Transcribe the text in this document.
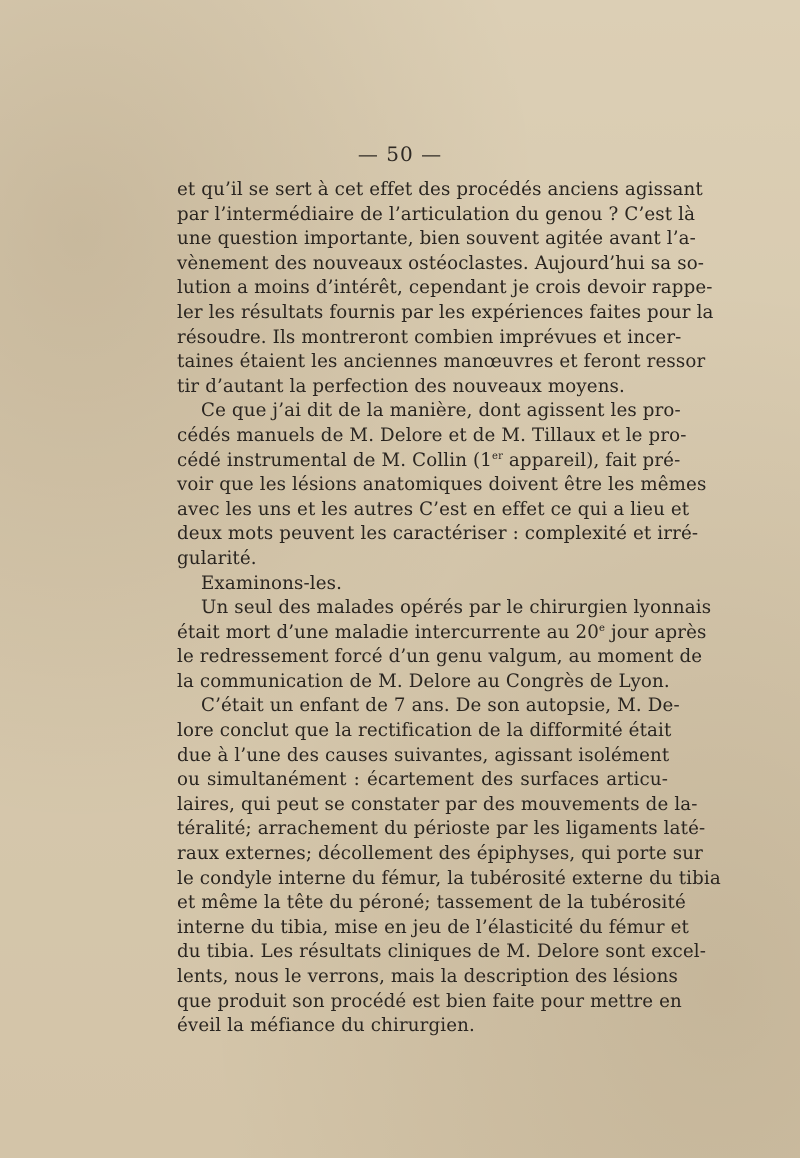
— 50 —
et qu’il se sert à cet effet des procédés anciens agissant
par l’intermédiaire de l’articulation du genou ? C’est là
une question importante, bien souvent agitée avant l’a-
vènement des nouveaux ostéoclastes. Aujourd’hui sa so-
lution a moins d’intérêt, cependant je crois devoir rappe-
ler les résultats fournis par les expériences faites pour la
résoudre. Ils montreront combien imprévues et incer-
taines étaient les anciennes manœuvres et feront ressor
tir d’autant la perfection des nouveaux moyens.
Ce que j’ai dit de la manière, dont agissent les pro-
cédés manuels de M. Delore et de M. Tillaux et le pro-
cédé instrumental de M. Collin (1er appareil), fait pré-
voir que les lésions anatomiques doivent être les mêmes
avec les uns et les autres C’est en effet ce qui a lieu et
deux mots peuvent les caractériser : complexité et irré-
gularité.
Examinons-les.
Un seul des malades opérés par le chirurgien lyonnais
était mort d’une maladie intercurrente au 20e jour après
le redressement forcé d’un genu valgum, au moment de
la communication de M. Delore au Congrès de Lyon.
C’était un enfant de 7 ans. De son autopsie, M. De-
lore conclut que la rectification de la difformité était
due à l’une des causes suivantes, agissant isolément
ou simultanément : écartement des surfaces articu-
laires, qui peut se constater par des mouvements de la-
téralité; arrachement du périoste par les ligaments laté-
raux externes; décollement des épiphyses, qui porte sur
le condyle interne du fémur, la tubérosité externe du tibia
et même la tête du péroné; tassement de la tubérosité
interne du tibia, mise en jeu de l’élasticité du fémur et
du tibia. Les résultats cliniques de M. Delore sont excel-
lents, nous le verrons, mais la description des lésions
que produit son procédé est bien faite pour mettre en
éveil la méfiance du chirurgien.
